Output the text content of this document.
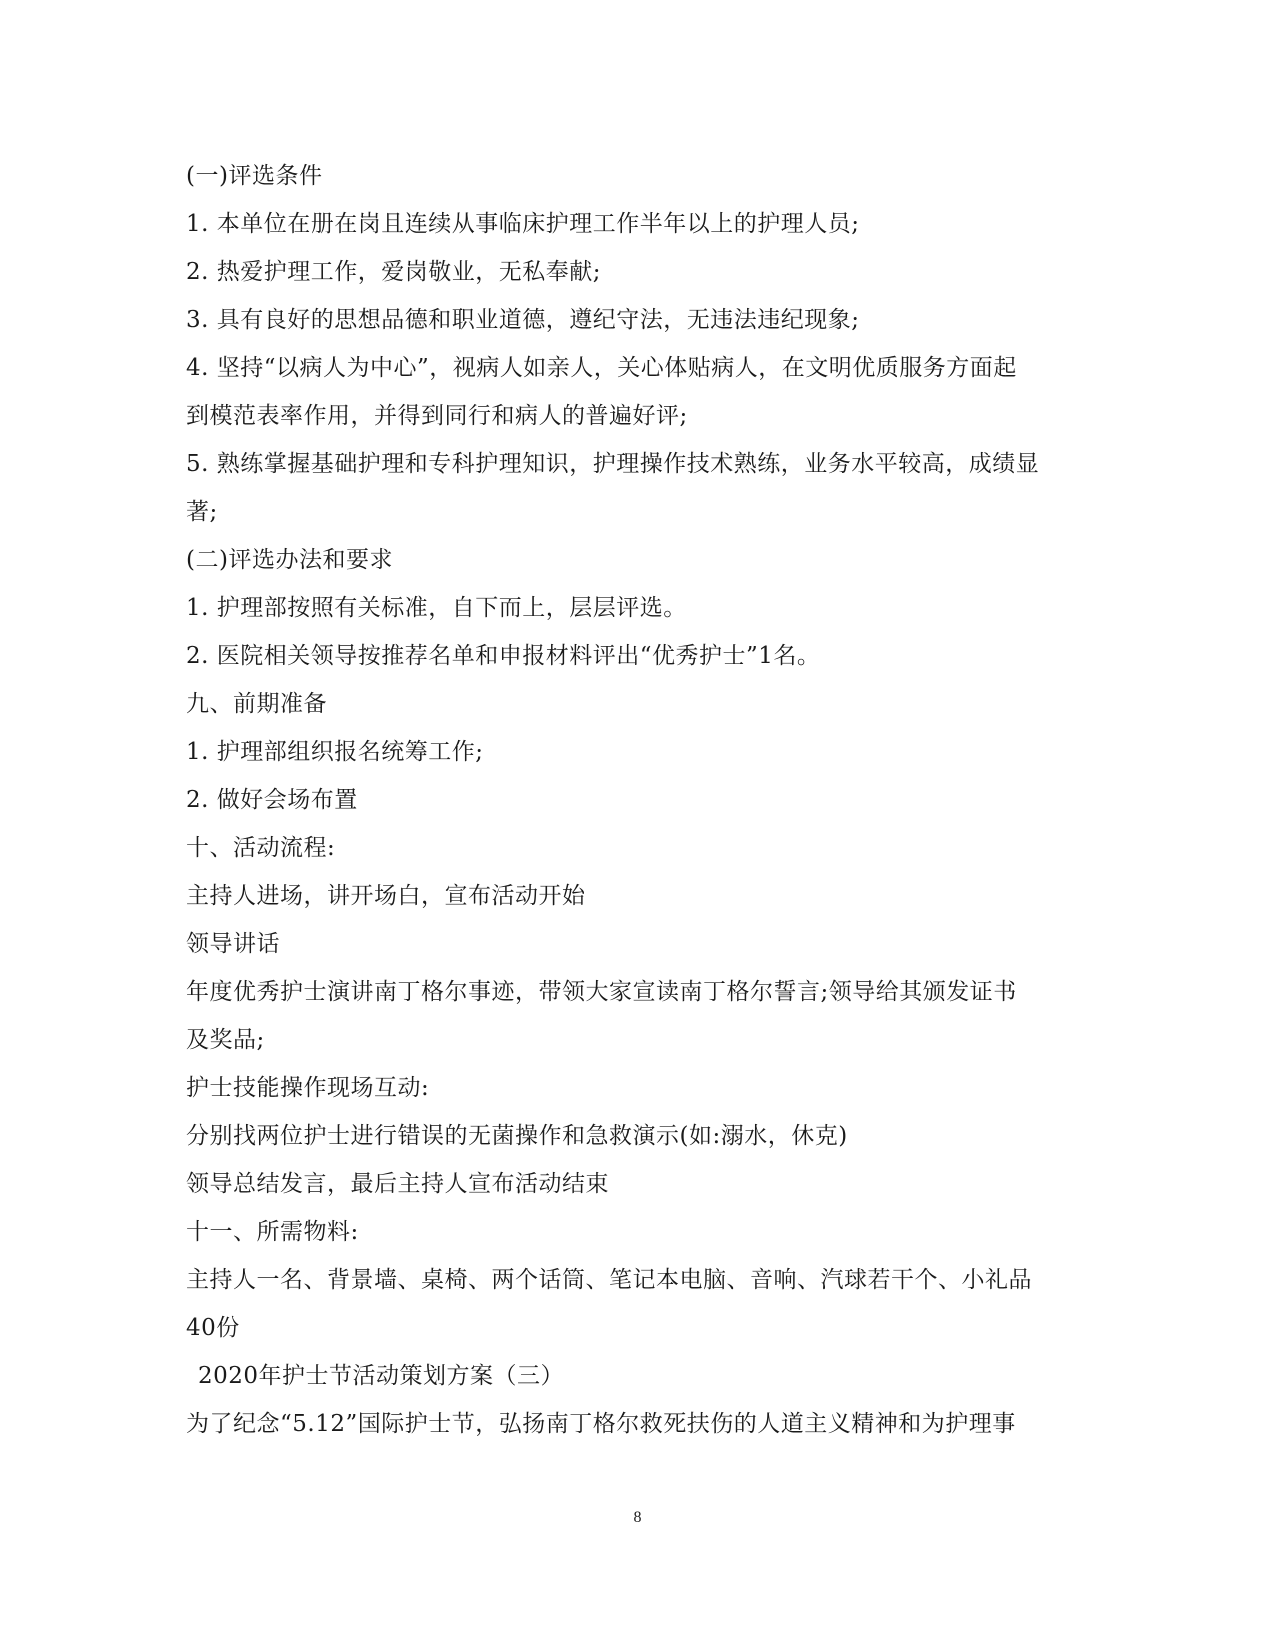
(一)评选条件
1. 本单位在册在岗且连续从事临床护理工作半年以上的护理人员;
2. 热爱护理工作，爱岗敬业，无私奉献;
3. 具有良好的思想品德和职业道德，遵纪守法，无违法违纪现象;
4. 坚持“以病人为中心”，视病人如亲人，关心体贴病人，在文明优质服务方面起
到模范表率作用，并得到同行和病人的普遍好评;
5. 熟练掌握基础护理和专科护理知识，护理操作技术熟练，业务水平较高，成绩显
著;
(二)评选办法和要求
1. 护理部按照有关标准，自下而上，层层评选。
2. 医院相关领导按推荐名单和申报材料评出“优秀护士”1名。
九、前期准备
1. 护理部组织报名统筹工作;
2. 做好会场布置
十、活动流程:
主持人进场，讲开场白，宣布活动开始
领导讲话
年度优秀护士演讲南丁格尔事迹，带领大家宣读南丁格尔誓言;领导给其颁发证书
及奖品;
护士技能操作现场互动:
分别找两位护士进行错误的无菌操作和急救演示(如:溺水，休克)
领导总结发言，最后主持人宣布活动结束
十一、所需物料:
主持人一名、背景墙、桌椅、两个话筒、笔记本电脑、音响、汽球若干个、小礼品
40份
2020年护士节活动策划方案（三）
为了纪念“5.12”国际护士节，弘扬南丁格尔救死扶伤的人道主义精神和为护理事
8
